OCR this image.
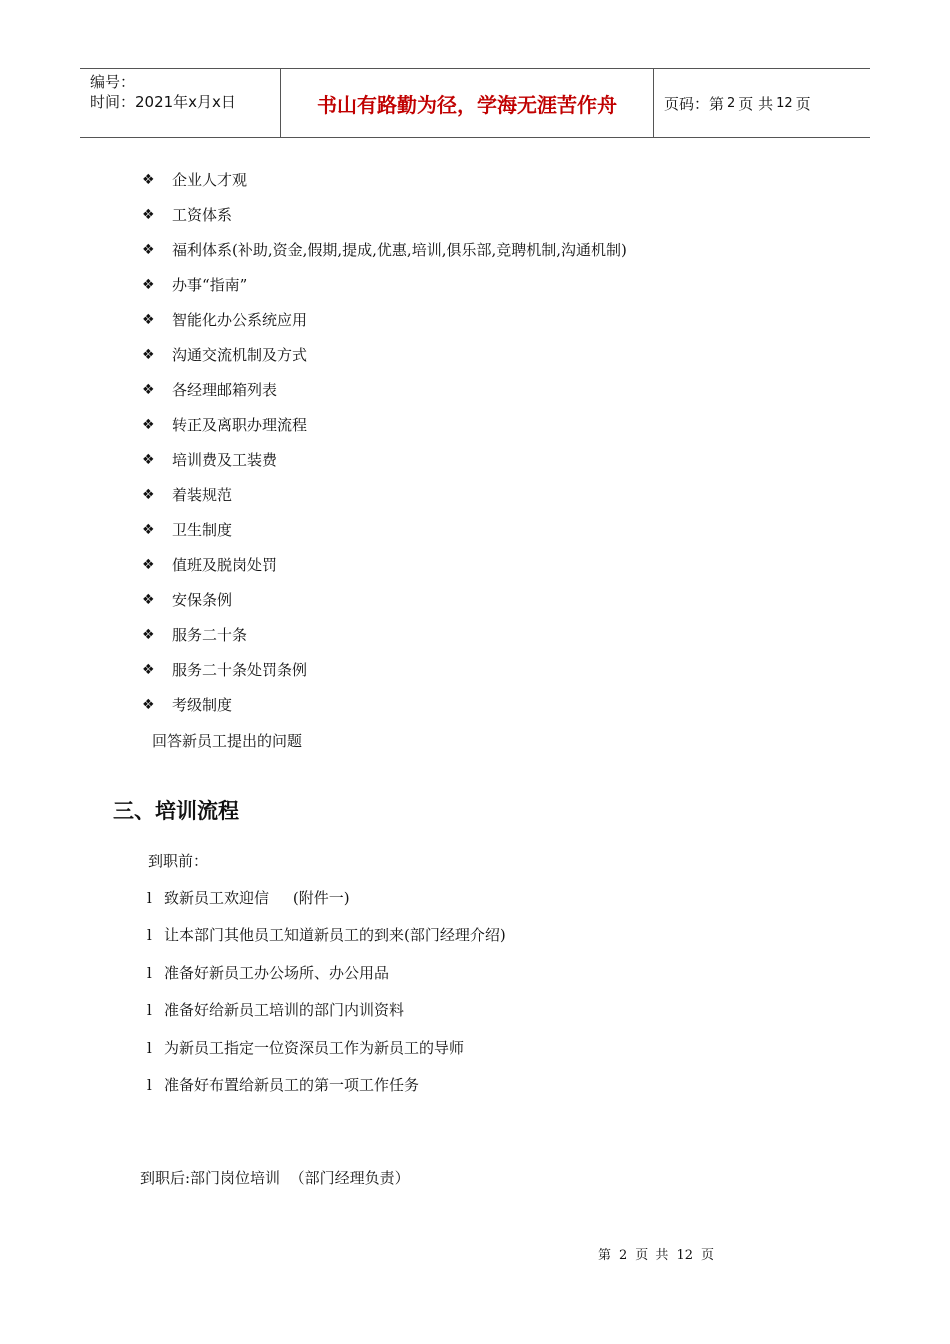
编号：
时间：2021年x月x日	书山有路勤为径，学海无涯苦作舟	页码：第 2 页 共 12 页
❖	企业人才观
❖	工资体系
❖	福利体系(补助,资金,假期,提成,优惠,培训,俱乐部,竞聘机制,沟通机制)
❖	办事“指南”
❖	智能化办公系统应用
❖	沟通交流机制及方式
❖	各经理邮箱列表
❖	转正及离职办理流程
❖	培训费及工装费
❖	着装规范
❖	卫生制度
❖	值班及脱岗处罚
❖	安保条例
❖	服务二十条
❖	服务二十条处罚条例
❖	考级制度
回答新员工提出的问题
三、培训流程
到职前：
l 致新员工欢迎信     (附件一)
l 让本部门其他员工知道新员工的到来(部门经理介绍)
l 准备好新员工办公场所、办公用品
l 准备好给新员工培训的部门内训资料
l 为新员工指定一位资深员工作为新员工的导师
l 准备好布置给新员工的第一项工作任务
到职后:部门岗位培训  （部门经理负责）
第 2 页 共 12 页
